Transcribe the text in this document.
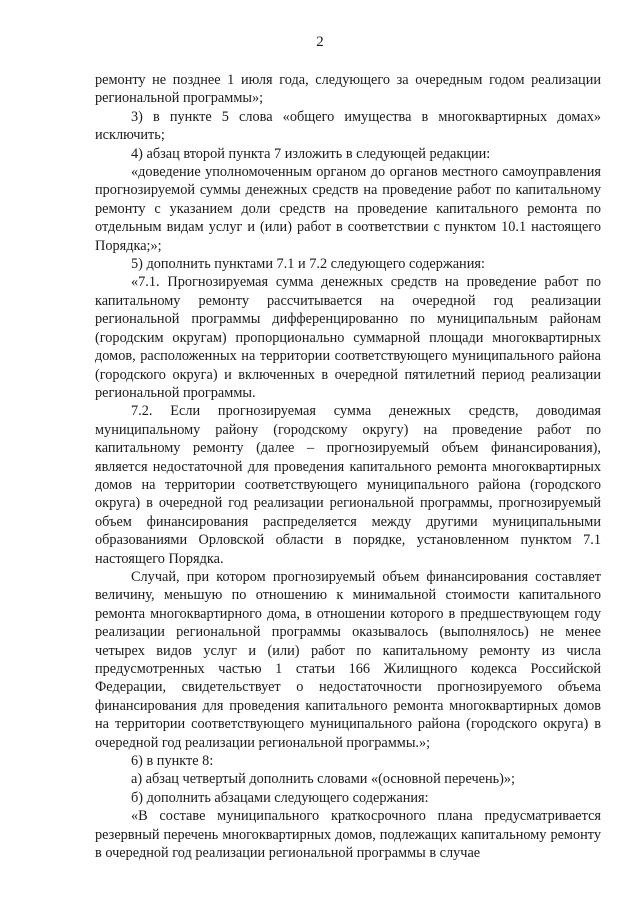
2

ремонту не позднее 1 июля года, следующего за очередным годом реализации региональной программы»;

3) в пункте 5 слова «общего имущества в многоквартирных домах» исключить;

4) абзац второй пункта 7 изложить в следующей редакции:

«доведение уполномоченным органом до органов местного самоуправления прогнозируемой суммы денежных средств на проведение работ по капитальному ремонту с указанием доли средств на проведение капитального ремонта по отдельным видам услуг и (или) работ в соответствии с пунктом 10.1 настоящего Порядка;»;

5) дополнить пунктами 7.1 и 7.2 следующего содержания:

«7.1. Прогнозируемая сумма денежных средств на проведение работ по капитальному ремонту рассчитывается на очередной год реализации региональной программы дифференцированно по муниципальным районам (городским округам) пропорционально суммарной площади многоквартирных домов, расположенных на территории соответствующего муниципального района (городского округа) и включенных в очередной пятилетний период реализации региональной программы.

7.2. Если прогнозируемая сумма денежных средств, доводимая муниципальному району (городскому округу) на проведение работ по капитальному ремонту (далее – прогнозируемый объем финансирования), является недостаточной для проведения капитального ремонта многоквартирных домов на территории соответствующего муниципального района (городского округа) в очередной год реализации региональной программы, прогнозируемый объем финансирования распределяется между другими муниципальными образованиями Орловской области в порядке, установленном пунктом 7.1 настоящего Порядка.

Случай, при котором прогнозируемый объем финансирования составляет величину, меньшую по отношению к минимальной стоимости капитального ремонта многоквартирного дома, в отношении которого в предшествующем году реализации региональной программы оказывалось (выполнялось) не менее четырех видов услуг и (или) работ по капитальному ремонту из числа предусмотренных частью 1 статьи 166 Жилищного кодекса Российской Федерации, свидетельствует о недостаточности прогнозируемого объема финансирования для проведения капитального ремонта многоквартирных домов на территории соответствующего муниципального района (городского округа) в очередной год реализации региональной программы.»;

6) в пункте 8:

а) абзац четвертый дополнить словами «(основной перечень)»;

б) дополнить абзацами следующего содержания:

«В составе муниципального краткосрочного плана предусматривается резервный перечень многоквартирных домов, подлежащих капитальному ремонту в очередной год реализации региональной программы в случае
